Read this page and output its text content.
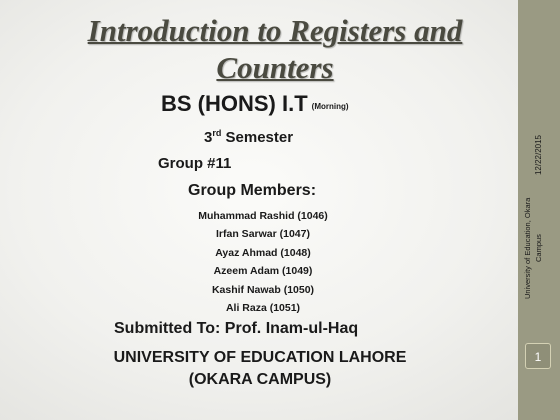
Introduction to Registers and Counters
BS (HONS) I.T (Morning)
3rd Semester
Group #11
Group Members:
Muhammad Rashid (1046)
Irfan Sarwar (1047)
Ayaz Ahmad (1048)
Azeem Adam (1049)
Kashif Nawab (1050)
Ali Raza (1051)
Submitted To: Prof. Inam-ul-Haq
UNIVERSITY OF EDUCATION LAHORE
(OKARA CAMPUS)
12/22/2015
University of Education, Okara Campus
1
